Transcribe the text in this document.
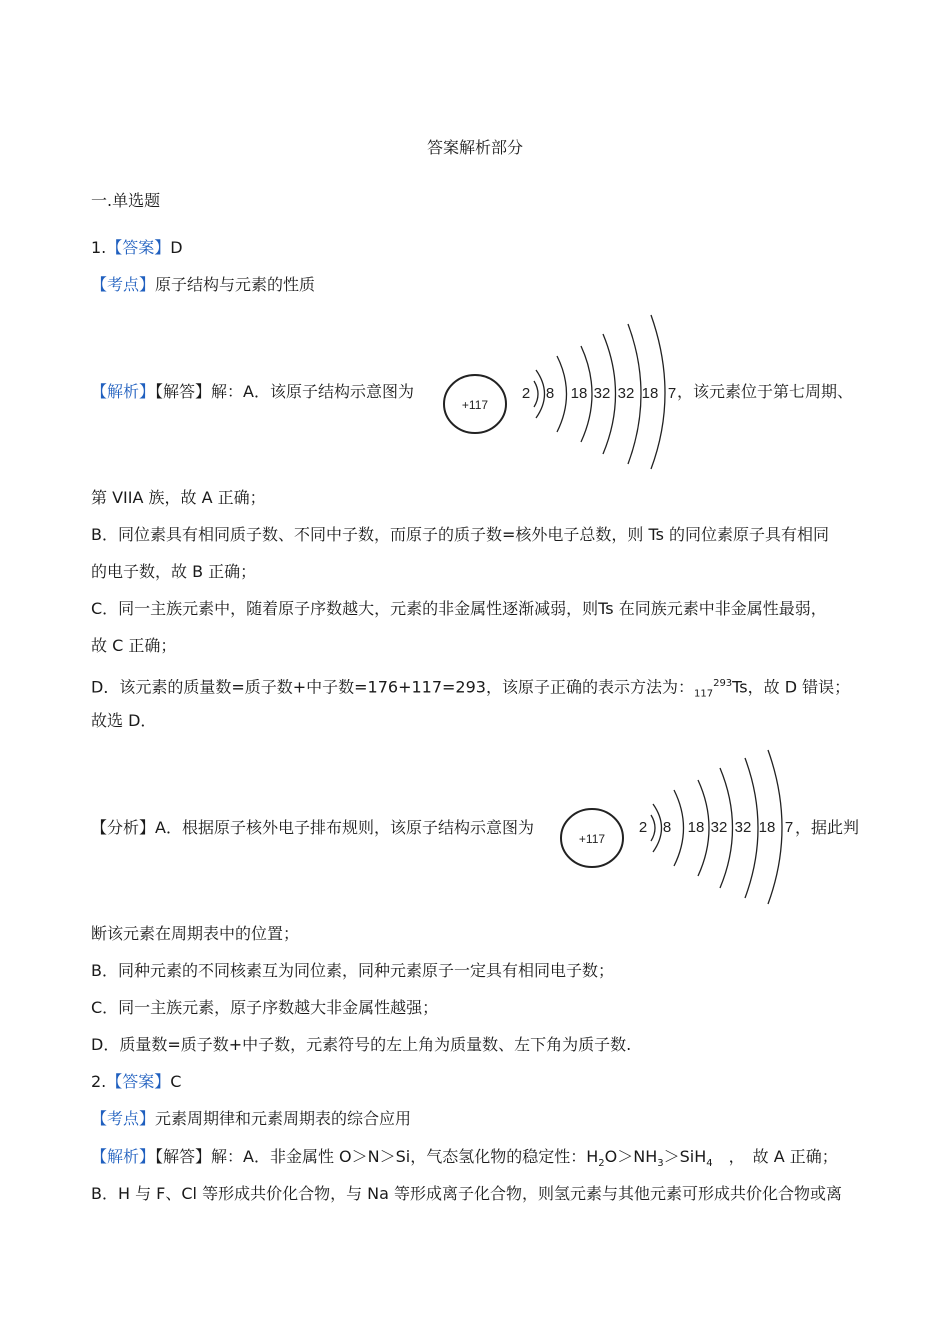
答案解析部分
一.单选题
1.【答案】D
【考点】原子结构与元素的性质
【解析】【解答】解：A．该原子结构示意图为	，该元素位于第七周期、
+117
2 8 18 32 32 18 7
第 VIIA 族，故 A 正确；
B．同位素具有相同质子数、不同中子数，而原子的质子数=核外电子总数，则 Ts 的同位素原子具有相同
的电子数，故 B 正确；
C．同一主族元素中，随着原子序数越大，元素的非金属性逐渐减弱，则Ts 在同族元素中非金属性最弱，
故 C 正确；
D．该元素的质量数=质子数+中子数=176+117=293，该原子正确的表示方法为：$_{117}^{293}$Ts，故 D 错误；
故选 D．
【分析】A．根据原子核外电子排布规则，该原子结构示意图为	，据此判
+117
2 8 18 32 32 18 7
断该元素在周期表中的位置；
B．同种元素的不同核素互为同位素，同种元素原子一定具有相同电子数；
C．同一主族元素，原子序数越大非金属性越强；
D．质量数=质子数+中子数，元素符号的左上角为质量数、左下角为质子数.
2.【答案】C
【考点】元素周期律和元素周期表的综合应用
【解析】【解答】解：A．非金属性 O＞N＞Si，气态氢化物的稳定性：$H_2O>NH_3>SiH_4$　，　故 A 正确；
B．H 与 F、Cl 等形成共价化合物，与 Na 等形成离子化合物，则氢元素与其他元素可形成共价化合物或离
